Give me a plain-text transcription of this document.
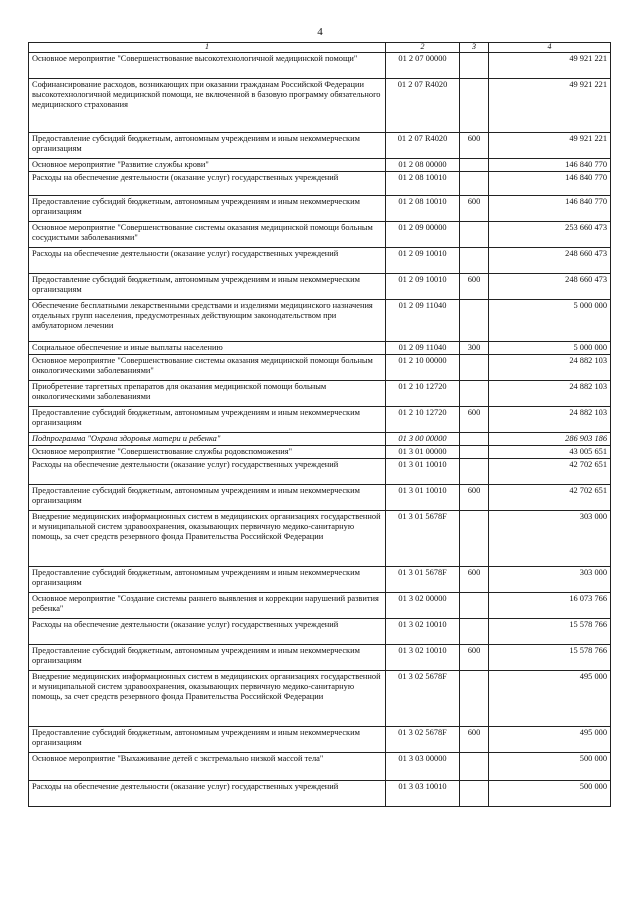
4
1	2	3	4
Основное мероприятие "Совершенствование высокотехнологичной медицинской помощи"	01 2 07 00000		49 921 221
Софинансирование расходов, возникающих при оказании гражданам Российской Федерации высокотехнологичной медицинской помощи, не включенной в базовую программу обязательного медицинского страхования	01 2 07 R4020		49 921 221
Предоставление субсидий бюджетным, автономным учреждениям и иным некоммерческим организациям	01 2 07 R4020	600	49 921 221
Основное мероприятие "Развитие службы крови"	01 2 08 00000		146 840 770
Расходы на обеспечение деятельности (оказание услуг) государственных учреждений	01 2 08 10010		146 840 770
Предоставление субсидий бюджетным, автономным учреждениям и иным некоммерческим организациям	01 2 08 10010	600	146 840 770
Основное мероприятие "Совершенствование системы оказания медицинской помощи больным сосудистыми заболеваниями"	01 2 09 00000		253 660 473
Расходы на обеспечение деятельности (оказание услуг) государственных учреждений	01 2 09 10010		248 660 473
Предоставление субсидий бюджетным, автономным учреждениям и иным некоммерческим организациям	01 2 09 10010	600	248 660 473
Обеспечение бесплатными лекарственными средствами и изделиями медицинского назначения отдельных групп населения, предусмотренных действующим законодательством при амбулаторном лечении	01 2 09 11040		5 000 000
Социальное обеспечение и иные выплаты населению	01 2 09 11040	300	5 000 000
Основное мероприятие "Совершенствование системы оказания медицинской помощи больным онкологическими заболеваниями"	01 2 10 00000		24 882 103
Приобретение таргетных препаратов для оказания медицинской помощи больным онкологическими заболеваниями	01 2 10 12720		24 882 103
Предоставление субсидий бюджетным, автономным учреждениям и иным некоммерческим организациям	01 2 10 12720	600	24 882 103
Подпрограмма "Охрана здоровья матери и ребенка"	01 3 00 00000		286 903 186
Основное мероприятие "Совершенствование службы родовспоможения"	01 3 01 00000		43 005 651
Расходы на обеспечение деятельности (оказание услуг) государственных учреждений	01 3 01 10010		42 702 651
Предоставление субсидий бюджетным, автономным учреждениям и иным некоммерческим организациям	01 3 01 10010	600	42 702 651
Внедрение медицинских информационных систем в медицинских организациях государственной и муниципальной систем здравоохранения, оказывающих первичную медико-санитарную помощь, за счет средств резервного фонда Правительства Российской Федерации	01 3 01 5678F		303 000
Предоставление субсидий бюджетным, автономным учреждениям и иным некоммерческим организациям	01 3 01 5678F	600	303 000
Основное мероприятие "Создание системы раннего выявления и коррекции нарушений развития ребенка"	01 3 02 00000		16 073 766
Расходы на обеспечение деятельности (оказание услуг) государственных учреждений	01 3 02 10010		15 578 766
Предоставление субсидий бюджетным, автономным учреждениям и иным некоммерческим организациям	01 3 02 10010	600	15 578 766
Внедрение медицинских информационных систем в медицинских организациях государственной и муниципальной систем здравоохранения, оказывающих первичную медико-санитарную помощь, за счет средств резервного фонда Правительства Российской Федерации	01 3 02 5678F		495 000
Предоставление субсидий бюджетным, автономным учреждениям и иным некоммерческим организациям	01 3 02 5678F	600	495 000
Основное мероприятие "Выхаживание детей с экстремально низкой массой тела"	01 3 03 00000		500 000
Расходы на обеспечение деятельности (оказание услуг) государственных учреждений	01 3 03 10010		500 000
